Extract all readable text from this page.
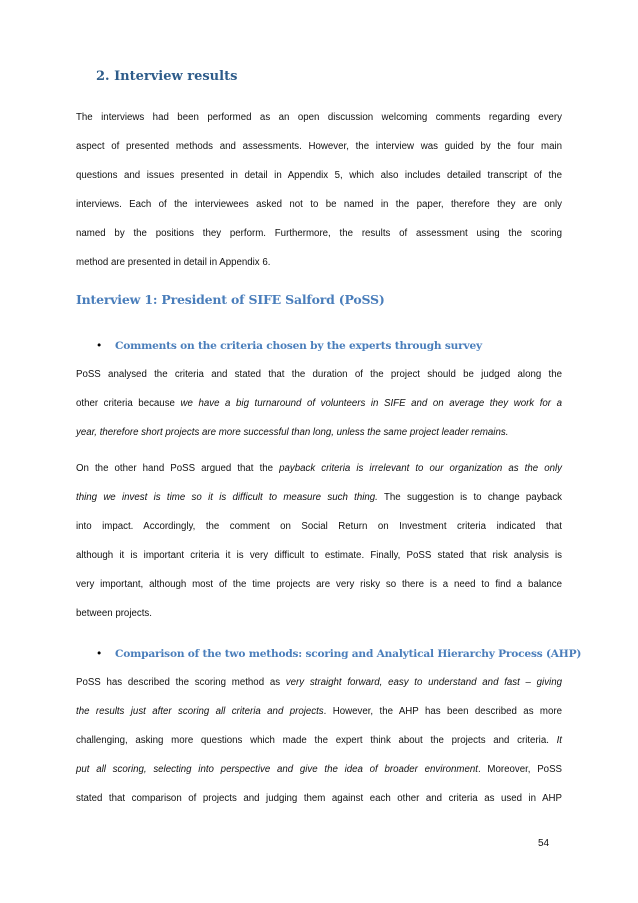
2. Interview results
The interviews had been performed as an open discussion welcoming comments regarding every
aspect of presented methods and assessments. However, the interview was guided by the four main
questions and issues presented in detail in Appendix 5, which also includes detailed transcript of the
interviews. Each of the interviewees asked not to be named in the paper, therefore they are only
named by the positions they perform. Furthermore, the results of assessment using the scoring
method are presented in detail in Appendix 6.
Interview 1: President of SIFE Salford (PoSS)
• Comments on the criteria chosen by the experts through survey
PoSS analysed the criteria and stated that the duration of the project should be judged along the
other criteria because we have a big turnaround of volunteers in SIFE and on average they work for a
year, therefore short projects are more successful than long, unless the same project leader remains.
On the other hand PoSS argued that the payback criteria is irrelevant to our organization as the only
thing we invest is time so it is difficult to measure such thing. The suggestion is to change payback
into impact. Accordingly, the comment on Social Return on Investment criteria indicated that
although it is important criteria it is very difficult to estimate. Finally, PoSS stated that risk analysis is
very important, although most of the time projects are very risky so there is a need to find a balance
between projects.
• Comparison of the two methods: scoring and Analytical Hierarchy Process (AHP)
PoSS has described the scoring method as very straight forward, easy to understand and fast – giving
the results just after scoring all criteria and projects. However, the AHP has been described as more
challenging, asking more questions which made the expert think about the projects and criteria. It
put all scoring, selecting into perspective and give the idea of broader environment. Moreover, PoSS
stated that comparison of projects and judging them against each other and criteria as used in AHP
54
